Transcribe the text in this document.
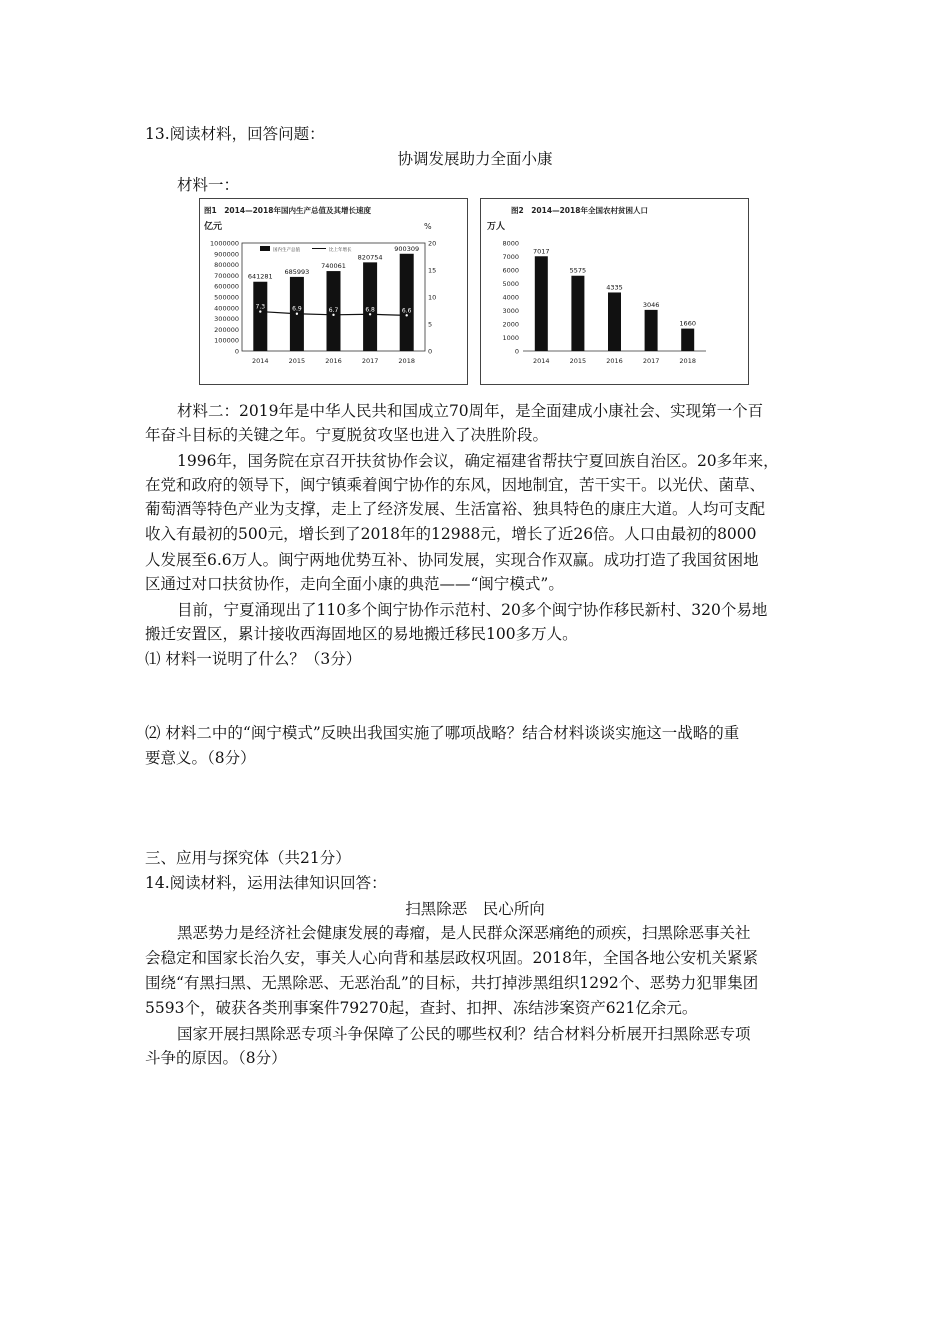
13.阅读材料，回答问题：
协调发展助力全面小康
材料一：
图1　2014—2018年国内生产总值及其增长速度
亿元	%
1000000
900000
800000
700000
600000
500000
400000
300000
200000
100000
0
20
15
10
5
0
国内生产总值	比上年增长
641281
2014
685993
2015
740061
2016
820754
2017
900309
2018
7.3	6.9	6.7	6.8	6.6
图2　2014—2018年全国农村贫困人口
万人
8000
7000
6000
5000
4000
3000
2000
1000
0
7017
2014
5575
2015
4335
2016
3046
2017
1660
2018
材料二：2019年是中华人民共和国成立70周年，是全面建成小康社会、实现第一个百
年奋斗目标的关键之年。宁夏脱贫攻坚也进入了决胜阶段。
1996年，国务院在京召开扶贫协作会议，确定福建省帮扶宁夏回族自治区。20多年来，
在党和政府的领导下，闽宁镇乘着闽宁协作的东风，因地制宜，苦干实干。以光伏、菌草、
葡萄酒等特色产业为支撑，走上了经济发展、生活富裕、独具特色的康庄大道。人均可支配
收入有最初的500元，增长到了2018年的12988元，增长了近26倍。人口由最初的8000
人发展至6.6万人。闽宁两地优势互补、协同发展，实现合作双赢。成功打造了我国贫困地
区通过对口扶贫协作，走向全面小康的典范——“闽宁模式”。
目前，宁夏涌现出了110多个闽宁协作示范村、20多个闽宁协作移民新村、320个易地
搬迁安置区，累计接收西海固地区的易地搬迁移民100多万人。
⑴ 材料一说明了什么？（3分）
⑵ 材料二中的“闽宁模式”反映出我国实施了哪项战略？结合材料谈谈实施这一战略的重
要意义。（8分）
三、应用与探究体（共21分）
14.阅读材料，运用法律知识回答：
扫黑除恶　民心所向
黑恶势力是经济社会健康发展的毒瘤，是人民群众深恶痛绝的顽疾，扫黑除恶事关社
会稳定和国家长治久安，事关人心向背和基层政权巩固。2018年，全国各地公安机关紧紧
围绕“有黑扫黑、无黑除恶、无恶治乱”的目标，共打掉涉黑组织1292个、恶势力犯罪集团
5593个，破获各类刑事案件79270起，查封、扣押、冻结涉案资产621亿余元。
国家开展扫黑除恶专项斗争保障了公民的哪些权利？结合材料分析展开扫黑除恶专项
斗争的原因。（8分）
